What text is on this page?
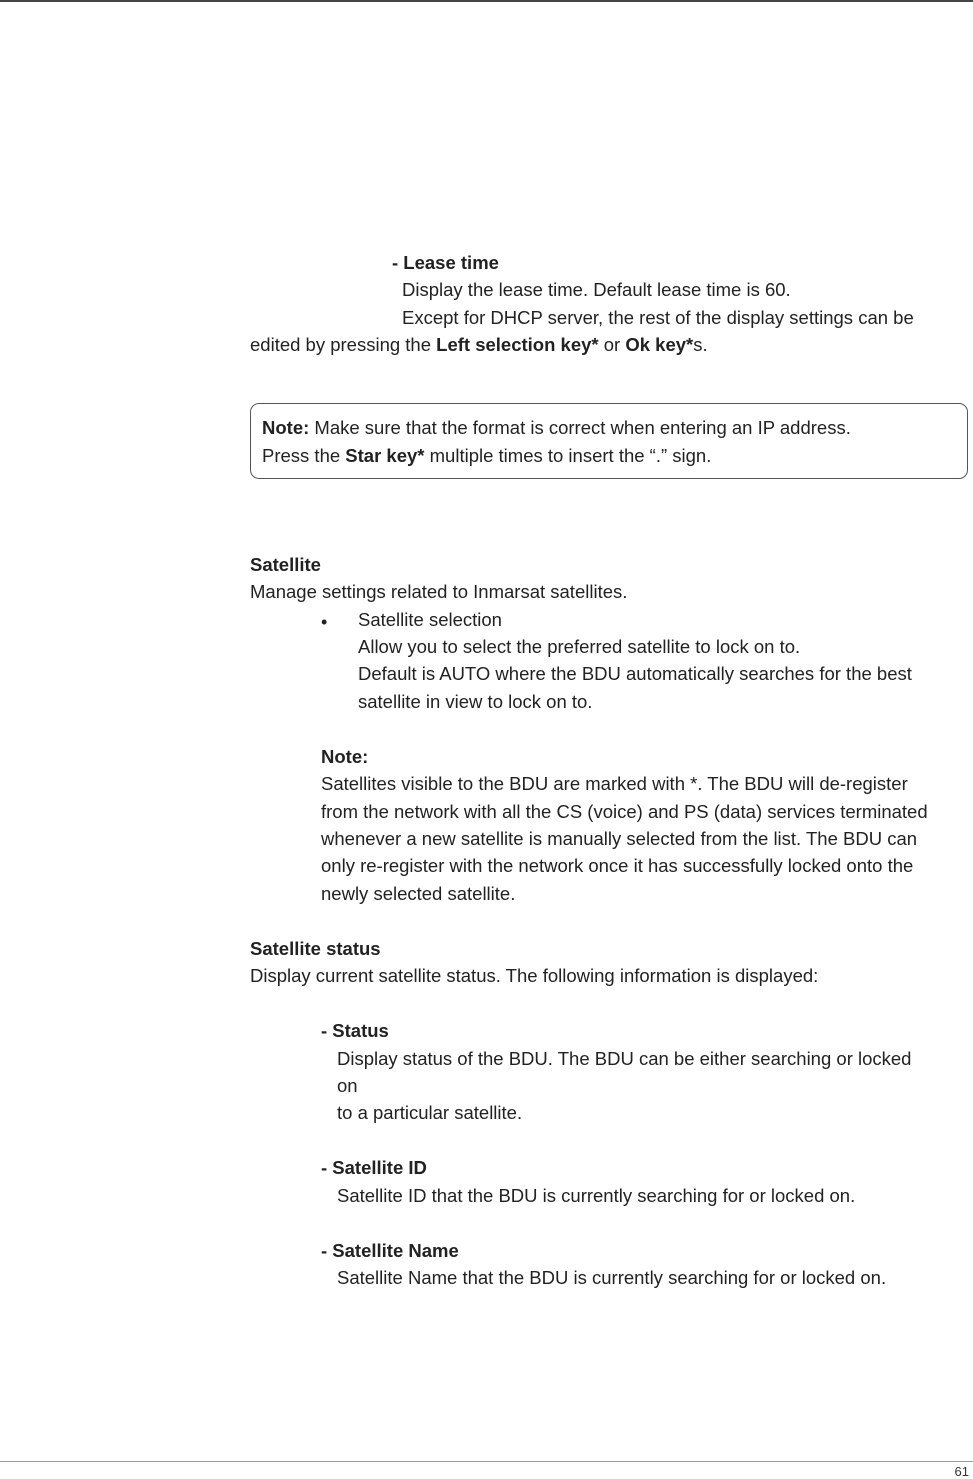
- Lease time
Display the lease time. Default lease time is 60.
Except for DHCP server, the rest of the display settings can be
edited by pressing the Left selection key* or Ok key*s.
Note: Make sure that the format is correct when entering an IP address.
Press the Star key* multiple times to insert the “.” sign.
Satellite
Manage settings related to Inmarsat satellites.
• Satellite selection
Allow you to select the preferred satellite to lock on to.
Default is AUTO where the BDU automatically searches for the best
satellite in view to lock on to.
Note:
Satellites visible to the BDU are marked with *. The BDU will de-register
from the network with all the CS (voice) and PS (data) services terminated
whenever a new satellite is manually selected from the list. The BDU can
only re-register with the network once it has successfully locked onto the
newly selected satellite.
Satellite status
Display current satellite status. The following information is displayed:
- Status
Display status of the BDU. The BDU can be either searching or locked
on
to a particular satellite.
- Satellite ID
Satellite ID that the BDU is currently searching for or locked on.
- Satellite Name
Satellite Name that the BDU is currently searching for or locked on.
61
